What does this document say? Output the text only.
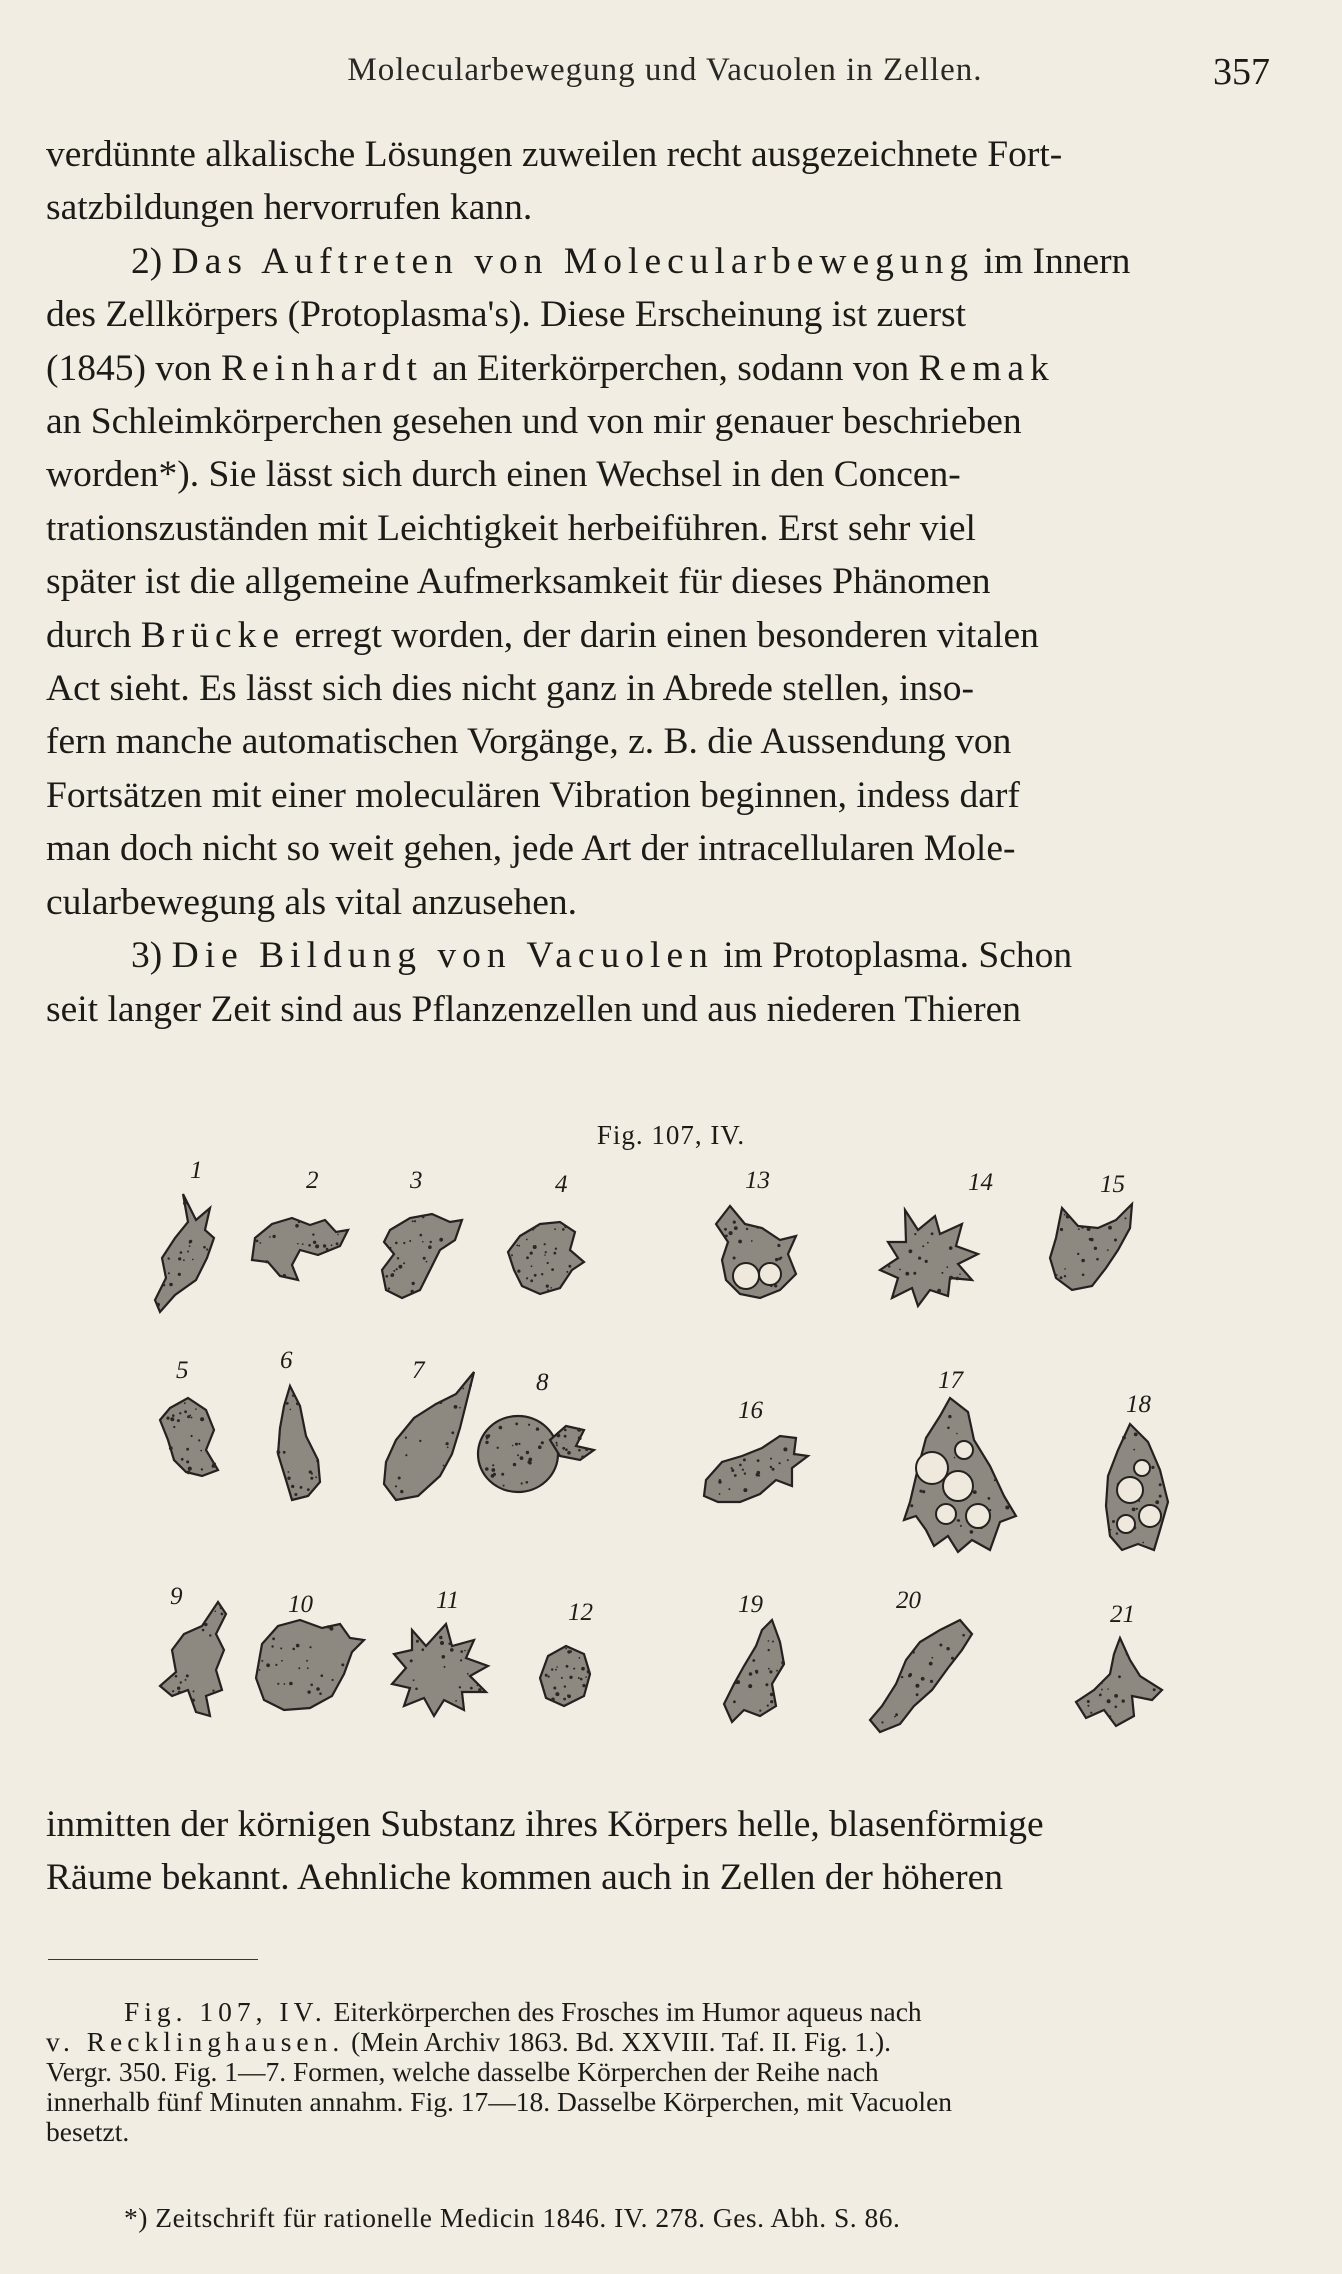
Molecularbewegung und Vacuolen in Zellen.	357

verdünnte alkalische Lösungen zuweilen recht ausgezeichnete Fort-

satzbildungen hervorrufen kann.

2) Das Auftreten von Molecularbewegung im Innern

des Zellkörpers (Protoplasma's). Diese Erscheinung ist zuerst

(1845) von Reinhardt an Eiterkörperchen, sodann von Remak

an Schleimkörperchen gesehen und von mir genauer beschrieben

worden*). Sie lässt sich durch einen Wechsel in den Concen-

trationszuständen mit Leichtigkeit herbeiführen. Erst sehr viel

später ist die allgemeine Aufmerksamkeit für dieses Phänomen

durch Brücke erregt worden, der darin einen besonderen vitalen

Act sieht. Es lässt sich dies nicht ganz in Abrede stellen, inso-

fern manche automatischen Vorgänge, z. B. die Aussendung von

Fortsätzen mit einer moleculären Vibration beginnen, indess darf

man doch nicht so weit gehen, jede Art der intracellularen Mole-

cularbewegung als vital anzusehen.

3) Die Bildung von Vacuolen im Protoplasma. Schon

seit langer Zeit sind aus Pflanzenzellen und aus niederen Thieren

Fig. 107, IV.
1	2	3	4	13	14	15
5	6	7	8
16
17
18
9	10	11	12	19	20
21

inmitten der körnigen Substanz ihres Körpers helle, blasenförmige

Räume bekannt. Aehnliche kommen auch in Zellen der höheren

Fig. 107, IV. Eiterkörperchen des Frosches im Humor aqueus nach

v. Recklinghausen. (Mein Archiv 1863. Bd. XXVIII. Taf. II. Fig. 1.).

Vergr. 350. Fig. 1—7. Formen, welche dasselbe Körperchen der Reihe nach

innerhalb fünf Minuten annahm. Fig. 17—18. Dasselbe Körperchen, mit Vacuolen

besetzt.

*) Zeitschrift für rationelle Medicin 1846. IV. 278. Ges. Abh. S. 86.
